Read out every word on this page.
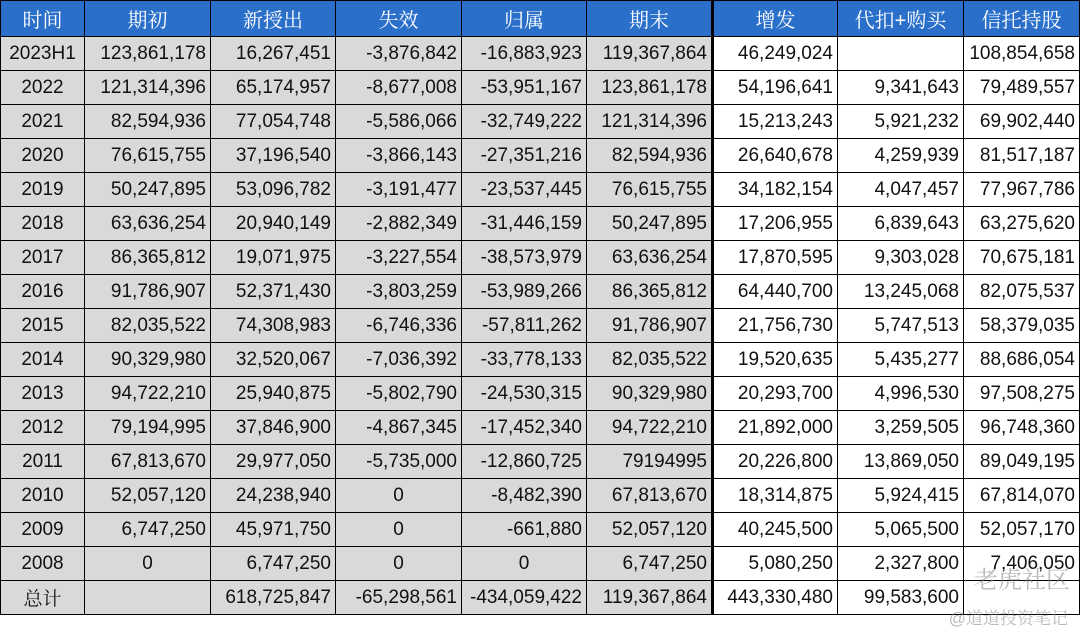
时间	期初	新授出	失效	归属	期末	增发	代扣+购买	信托持股
2023H1	123,861,178	16,267,451	-3,876,842	-16,883,923	119,367,864	46,249,024		108,854,658
2022	121,314,396	65,174,957	-8,677,008	-53,951,167	123,861,178	54,196,641	9,341,643	79,489,557
2021	82,594,936	77,054,748	-5,586,066	-32,749,222	121,314,396	15,213,243	5,921,232	69,902,440
2020	76,615,755	37,196,540	-3,866,143	-27,351,216	82,594,936	26,640,678	4,259,939	81,517,187
2019	50,247,895	53,096,782	-3,191,477	-23,537,445	76,615,755	34,182,154	4,047,457	77,967,786
2018	63,636,254	20,940,149	-2,882,349	-31,446,159	50,247,895	17,206,955	6,839,643	63,275,620
2017	86,365,812	19,071,975	-3,227,554	-38,573,979	63,636,254	17,870,595	9,303,028	70,675,181
2016	91,786,907	52,371,430	-3,803,259	-53,989,266	86,365,812	64,440,700	13,245,068	82,075,537
2015	82,035,522	74,308,983	-6,746,336	-57,811,262	91,786,907	21,756,730	5,747,513	58,379,035
2014	90,329,980	32,520,067	-7,036,392	-33,778,133	82,035,522	19,520,635	5,435,277	88,686,054
2013	94,722,210	25,940,875	-5,802,790	-24,530,315	90,329,980	20,293,700	4,996,530	97,508,275
2012	79,194,995	37,846,900	-4,867,345	-17,452,340	94,722,210	21,892,000	3,259,505	96,748,360
2011	67,813,670	29,977,050	-5,735,000	-12,860,725	79194995	20,226,800	13,869,050	89,049,195
2010	52,057,120	24,238,940	0	-8,482,390	67,813,670	18,314,875	5,924,415	67,814,070
2009	6,747,250	45,971,750	0	-661,880	52,057,120	40,245,500	5,065,500	52,057,170
2008	0	6,747,250	0	0	6,747,250	5,080,250	2,327,800	7,406,050
总计		618,725,847	-65,298,561	-434,059,422	119,367,864	443,330,480	99,583,600	
老虎社区
@道道投资笔记
